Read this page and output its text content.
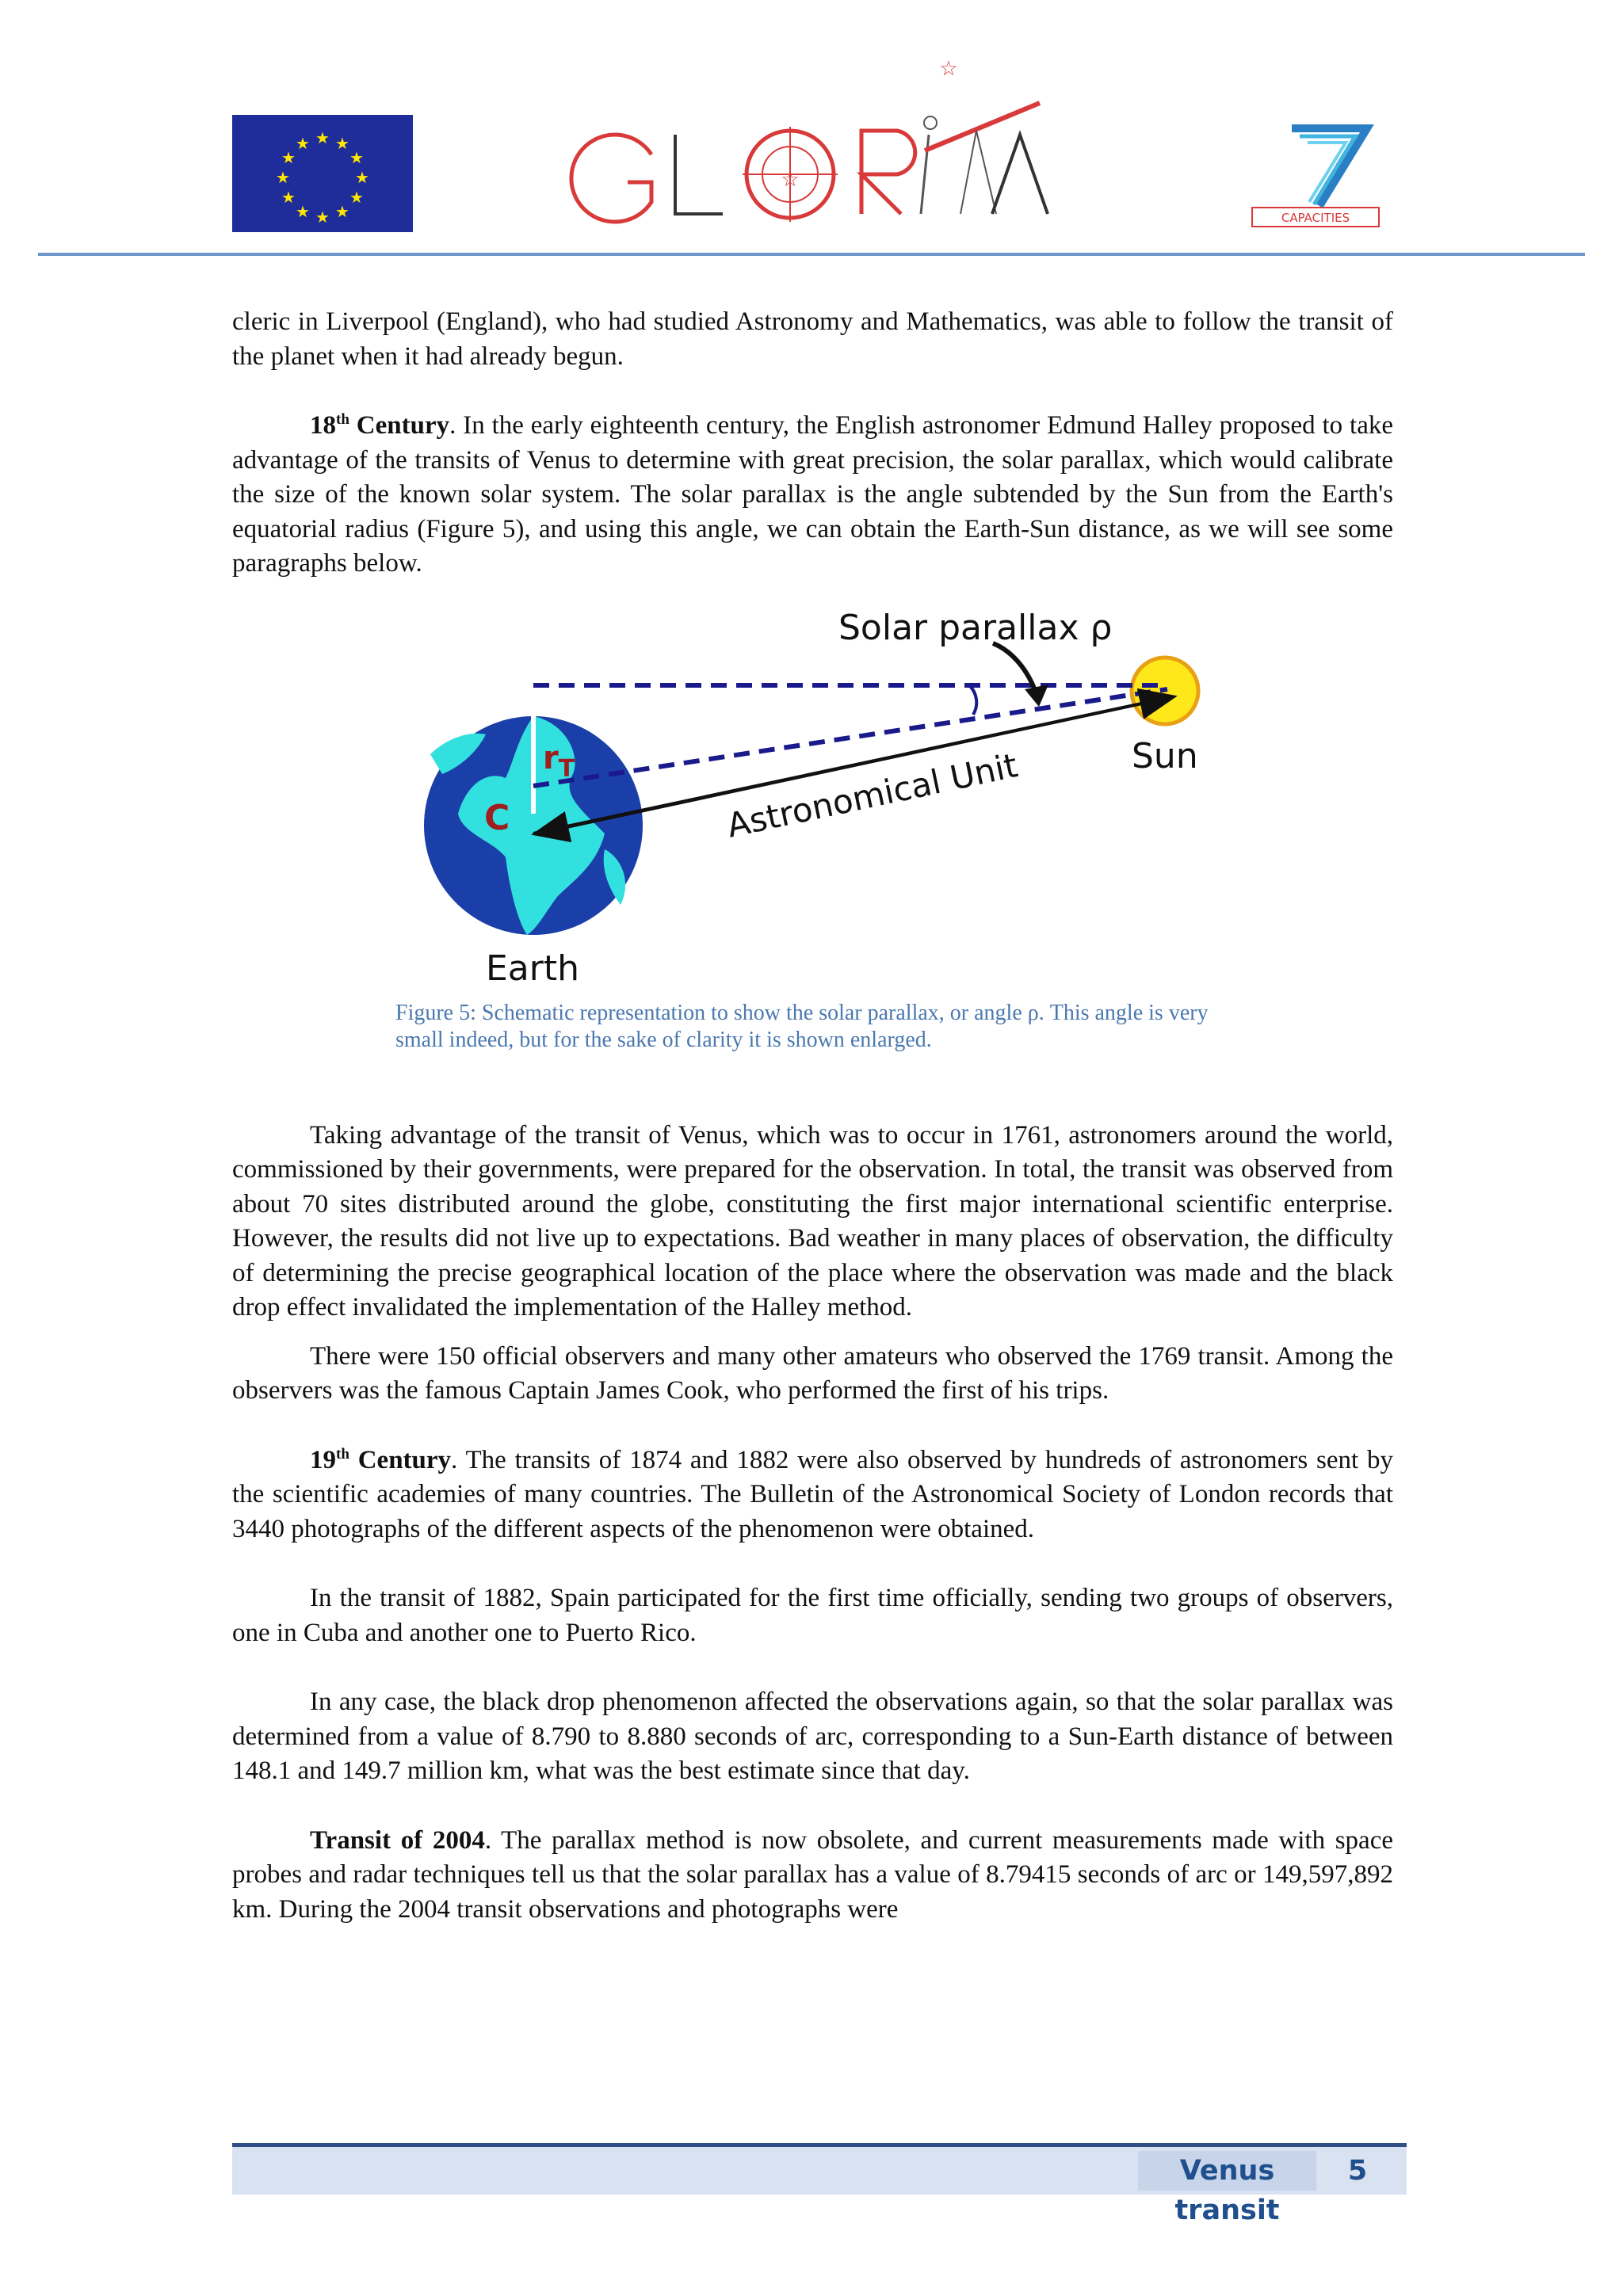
★ ★
★
★
★
★
★
★
★
★
★
★
☆
☆
CAPACITIES

cleric in Liverpool (England), who had studied Astronomy and Mathematics, was able to follow the transit of the planet when it had already begun.

18th Century. In the early eighteenth century, the English astronomer Edmund Halley proposed to take advantage of the transits of Venus to determine with great precision, the solar parallax, which would calibrate the size of the known solar system. The solar parallax is the angle subtended by the Sun from the Earth's equatorial radius (Figure 5), and using this angle, we can obtain the Earth-Sun distance, as we will see some paragraphs below.

Solar parallax ρ
Sun
Earth
Astronomical Unit
$r_T$
C
Figure 5: Schematic representation to show the solar parallax, or angle ρ. This angle is very small indeed, but for the sake of clarity it is shown enlarged.

Taking advantage of the transit of Venus, which was to occur in 1761, astronomers around the world, commissioned by their governments, were prepared for the observation. In total, the transit was observed from about 70 sites distributed around the globe, constituting the first major international scientific enterprise. However, the results did not live up to expectations. Bad weather in many places of observation, the difficulty of determining the precise geographical location of the place where the observation was made and the black drop effect invalidated the implementation of the Halley method.

There were 150 official observers and many other amateurs who observed the 1769 transit. Among the observers was the famous Captain James Cook, who performed the first of his trips.

19th Century. The transits of 1874 and 1882 were also observed by hundreds of astronomers sent by the scientific academies of many countries. The Bulletin of the Astronomical Society of London records that 3440 photographs of the different aspects of the phenomenon were obtained.

In the transit of 1882, Spain participated for the first time officially, sending two groups of observers, one in Cuba and another one to Puerto Rico.

In any case, the black drop phenomenon affected the observations again, so that the solar parallax was determined from a value of 8.790 to 8.880 seconds of arc, corresponding to a Sun-Earth distance of between 148.1 and 149.7 million km, what was the best estimate since that day.

Transit of 2004. The parallax method is now obsolete, and current measurements made with space probes and radar techniques tell us that the solar parallax has a value of 8.79415 seconds of arc or 149,597,892 km. During the 2004 transit observations and photographs were

Venus transit
5
